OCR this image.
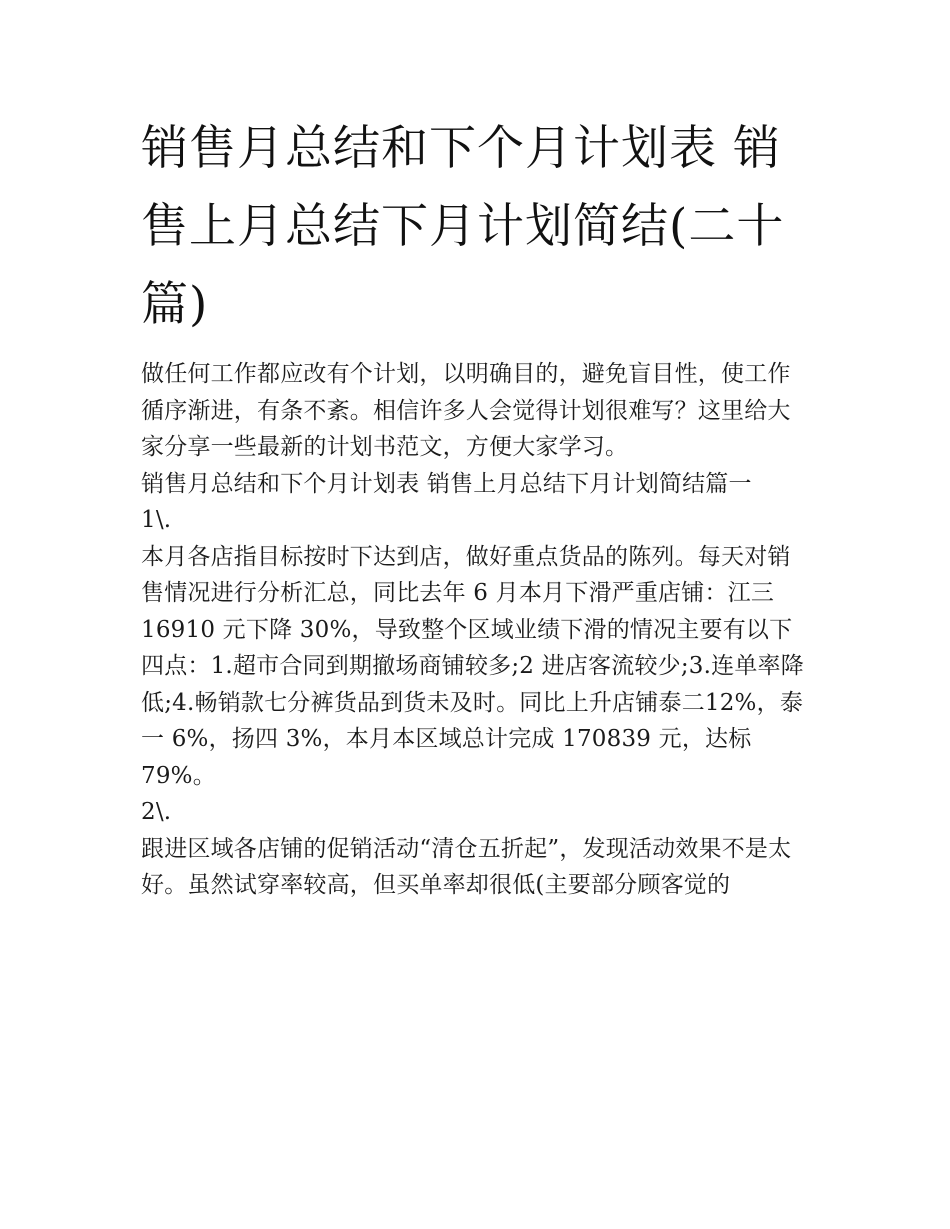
销售月总结和下个月计划表 销售上月总结下月计划简结(二十篇)

做任何工作都应改有个计划，以明确目的，避免盲目性，使工作循序渐进，有条不紊。相信许多人会觉得计划很难写？这里给大家分享一些最新的计划书范文，方便大家学习。

销售月总结和下个月计划表 销售上月总结下月计划简结篇一

1\.

本月各店指目标按时下达到店，做好重点货品的陈列。每天对销售情况进行分析汇总，同比去年 6 月本月下滑严重店铺：江三 16910 元下降 30%，导致整个区域业绩下滑的情况主要有以下四点：1.超市合同到期撤场商铺较多;2 进店客流较少;3.连单率降低;4.畅销款七分裤货品到货未及时。同比上升店铺泰二12%，泰一 6%，扬四 3%，本月本区域总计完成 170839 元，达标 79%。

2\.

跟进区域各店铺的促销活动“清仓五折起”，发现活动效果不是太好。虽然试穿率较高，但买单率却很低(主要部分顾客觉的
